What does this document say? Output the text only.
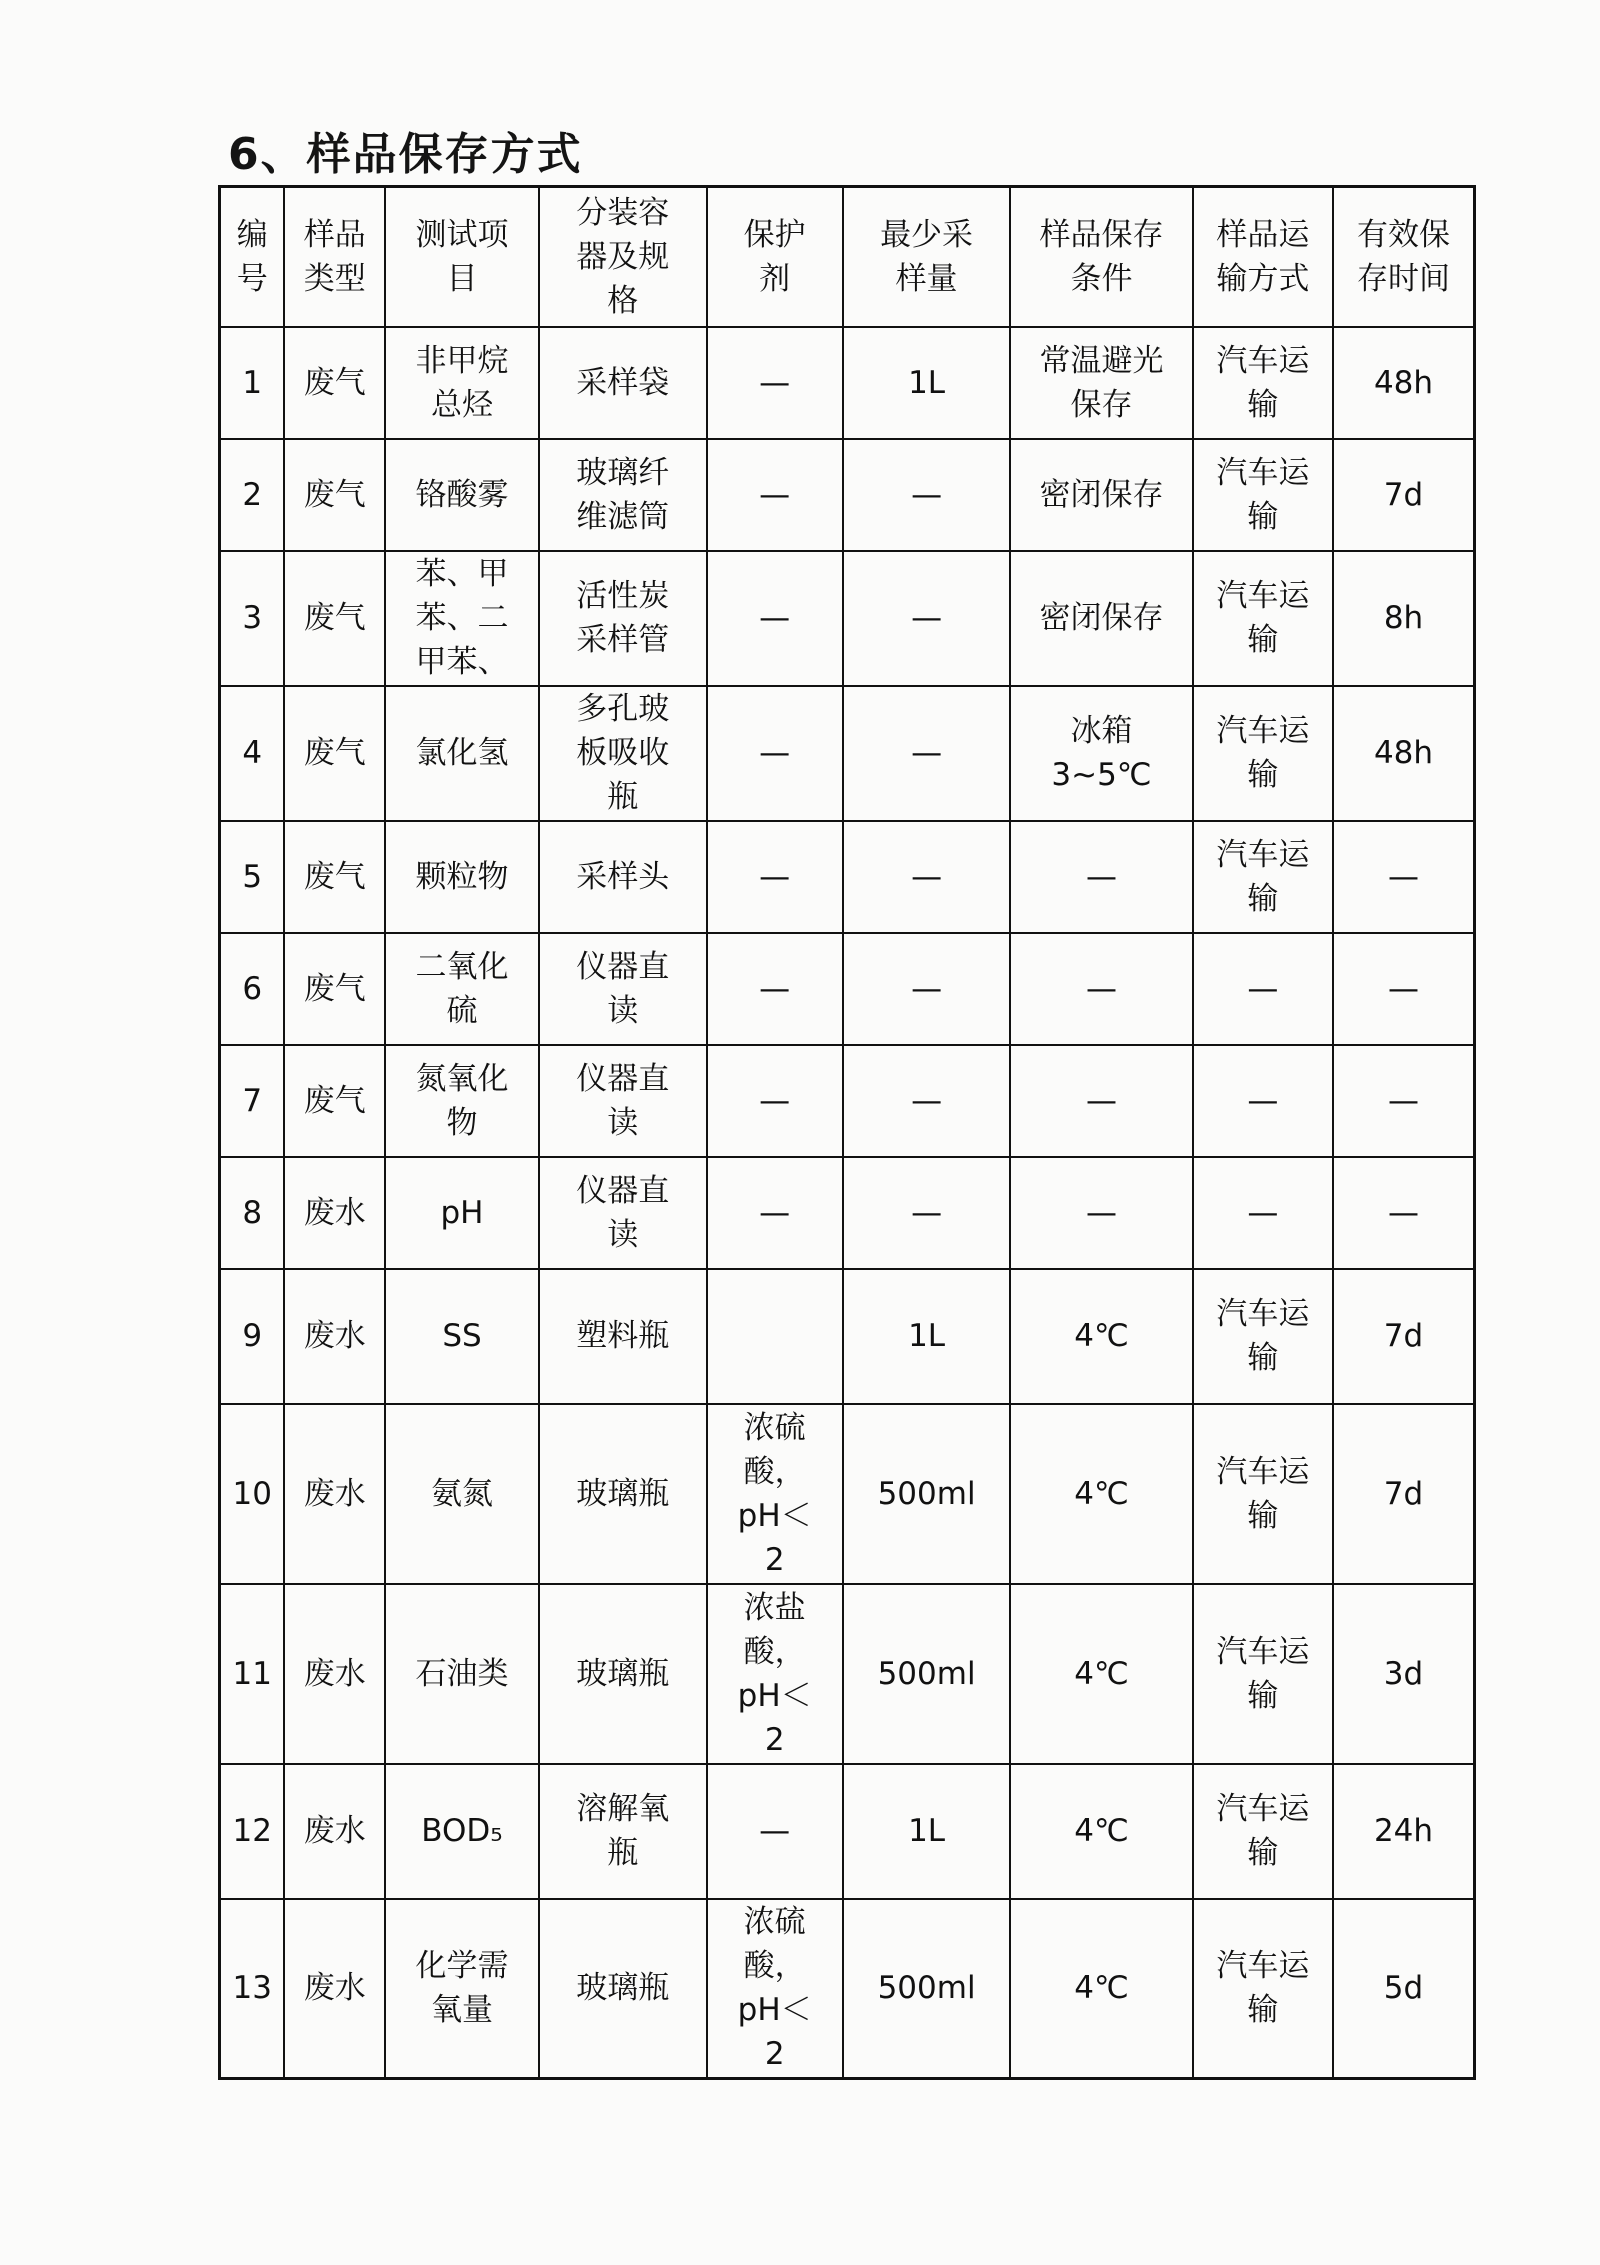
6、样品保存方式
编
号	样品
类型	测试项
目	分装容
器及规
格	保护
剂	最少采
样量	样品保存
条件	样品运
输方式	有效保
存时间
1	废气	非甲烷
总烃	采样袋	—	1L	常温避光
保存	汽车运
输	48h
2	废气	铬酸雾	玻璃纤
维滤筒	—	—	密闭保存	汽车运
输	7d
3	废气	苯、甲
苯、二
甲苯、	活性炭
采样管	—	—	密闭保存	汽车运
输	8h
4	废气	氯化氢	多孔玻
板吸收
瓶	—	—	冰箱
3~5℃	汽车运
输	48h
5	废气	颗粒物	采样头	—	—	—	汽车运
输	—
6	废气	二氧化
硫	仪器直
读	—	—	—	—	—
7	废气	氮氧化
物	仪器直
读	—	—	—	—	—
8	废水	pH	仪器直
读	—	—	—	—	—
9	废水	SS	塑料瓶		1L	4℃	汽车运
输	7d
10	废水	氨氮	玻璃瓶	浓硫
酸，
pH＜
2	500ml	4℃	汽车运
输	7d
11	废水	石油类	玻璃瓶	浓盐
酸，
pH＜
2	500ml	4℃	汽车运
输	3d
12	废水	BOD₅	溶解氧
瓶	—	1L	4℃	汽车运
输	24h
13	废水	化学需
氧量	玻璃瓶	浓硫
酸，
pH＜
2	500ml	4℃	汽车运
输	5d
